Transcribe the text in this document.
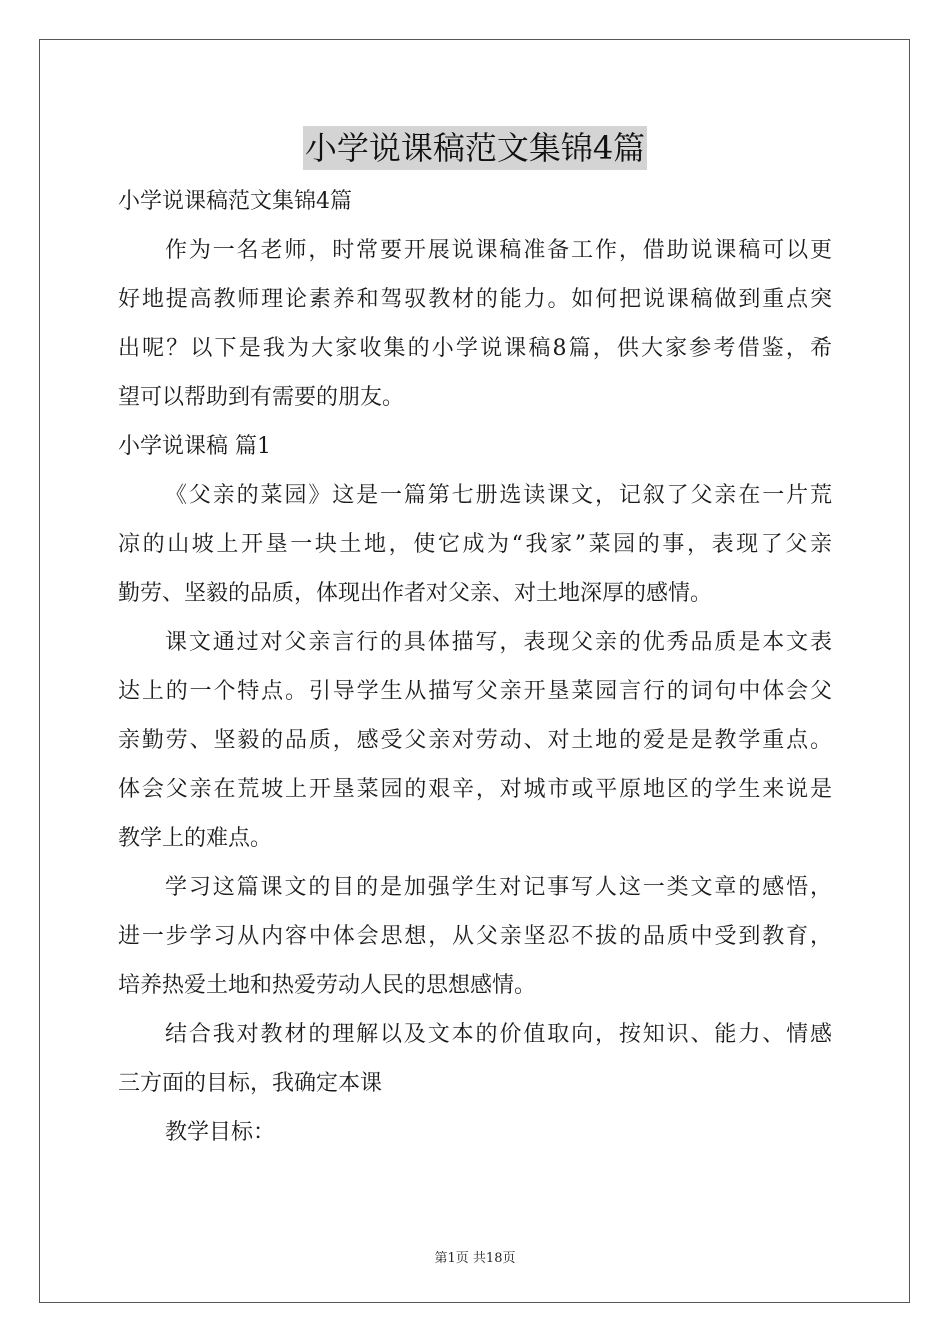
小学说课稿范文集锦4篇
小学说课稿范文集锦4篇
作为一名老师，时常要开展说课稿准备工作，借助说课稿可以更
好地提高教师理论素养和驾驭教材的能力。如何把说课稿做到重点突
出呢？以下是我为大家收集的小学说课稿8篇，供大家参考借鉴，希
望可以帮助到有需要的朋友。
小学说课稿 篇1
《父亲的菜园》这是一篇第七册选读课文，记叙了父亲在一片荒
凉的山坡上开垦一块土地，使它成为“我家”菜园的事，表现了父亲
勤劳、坚毅的品质，体现出作者对父亲、对土地深厚的感情。
课文通过对父亲言行的具体描写，表现父亲的优秀品质是本文表
达上的一个特点。引导学生从描写父亲开垦菜园言行的词句中体会父
亲勤劳、坚毅的品质，感受父亲对劳动、对土地的爱是是教学重点。
体会父亲在荒坡上开垦菜园的艰辛，对城市或平原地区的学生来说是
教学上的难点。
学习这篇课文的目的是加强学生对记事写人这一类文章的感悟，
进一步学习从内容中体会思想，从父亲坚忍不拔的品质中受到教育，
培养热爱土地和热爱劳动人民的思想感情。
结合我对教材的理解以及文本的价值取向，按知识、能力、情感
三方面的目标，我确定本课
教学目标：
第1页 共18页
